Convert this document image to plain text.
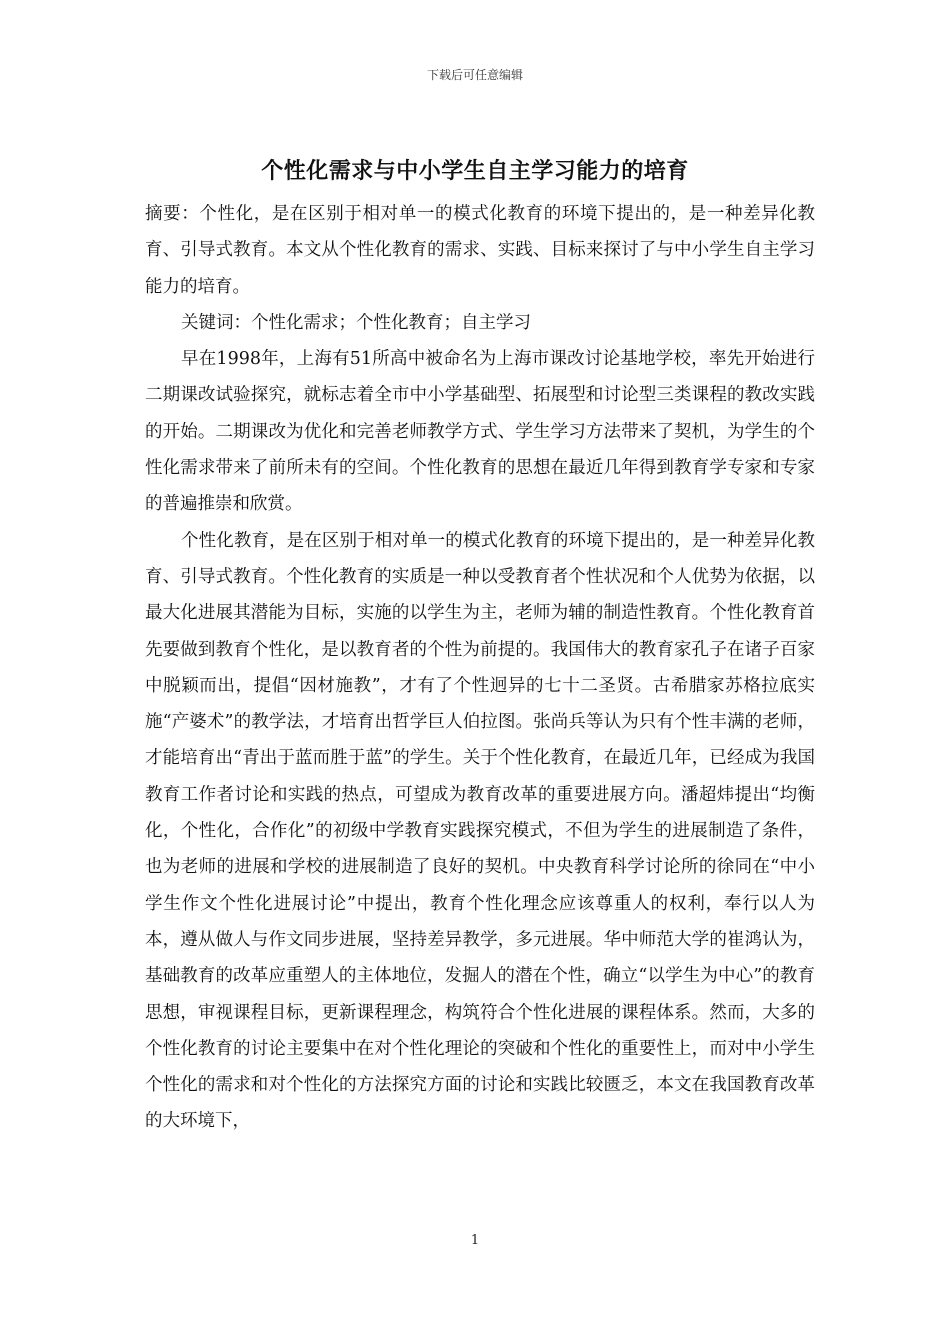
下载后可任意编辑
个性化需求与中小学生自主学习能力的培育

摘要：个性化，是在区别于相对单一的模式化教育的环境下提出的，是一种差异化教育、引导式教育。本文从个性化教育的需求、实践、目标来探讨了与中小学生自主学习能力的培育。

关键词：个性化需求；个性化教育；自主学习

早在1998年，上海有51所高中被命名为上海市课改讨论基地学校，率先开始进行二期课改试验探究，就标志着全市中小学基础型、拓展型和讨论型三类课程的教改实践的开始。二期课改为优化和完善老师教学方式、学生学习方法带来了契机，为学生的个性化需求带来了前所未有的空间。个性化教育的思想在最近几年得到教育学专家和专家的普遍推崇和欣赏。

个性化教育，是在区别于相对单一的模式化教育的环境下提出的，是一种差异化教育、引导式教育。个性化教育的实质是一种以受教育者个性状况和个人优势为依据，以最大化进展其潜能为目标，实施的以学生为主，老师为辅的制造性教育。个性化教育首先要做到教育个性化，是以教育者的个性为前提的。我国伟大的教育家孔子在诸子百家中脱颖而出，提倡“因材施教”，才有了个性迥异的七十二圣贤。古希腊家苏格拉底实施“产婆术”的教学法，才培育出哲学巨人伯拉图。张尚兵等认为只有个性丰满的老师，才能培育出“青出于蓝而胜于蓝”的学生。关于个性化教育，在最近几年，已经成为我国教育工作者讨论和实践的热点，可望成为教育改革的重要进展方向。潘超炜提出“均衡化，个性化，合作化”的初级中学教育实践探究模式，不但为学生的进展制造了条件，也为老师的进展和学校的进展制造了良好的契机。中央教育科学讨论所的徐同在“中小学生作文个性化进展讨论”中提出，教育个性化理念应该尊重人的权利，奉行以人为本，遵从做人与作文同步进展，坚持差异教学，多元进展。华中师范大学的崔鸿认为，基础教育的改革应重塑人的主体地位，发掘人的潜在个性，确立“以学生为中心”的教育思想，审视课程目标，更新课程理念，构筑符合个性化进展的课程体系。然而，大多的个性化教育的讨论主要集中在对个性化理论的突破和个性化的重要性上，而对中小学生个性化的需求和对个性化的方法探究方面的讨论和实践比较匮乏，本文在我国教育改革的大环境下，

1
